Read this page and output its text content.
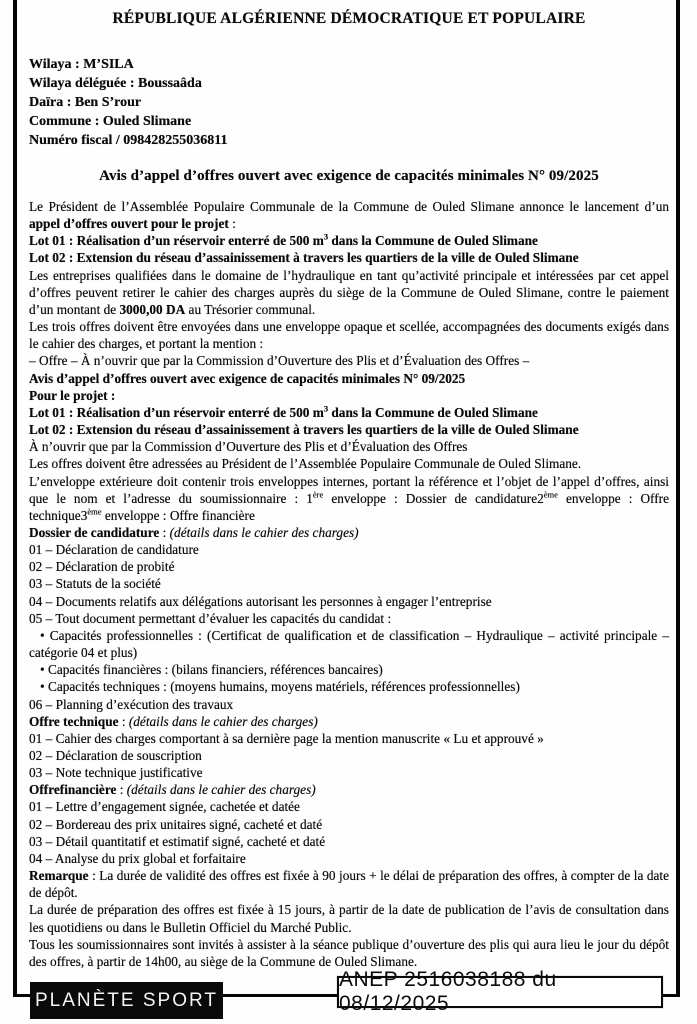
RÉPUBLIQUE ALGÉRIENNE DÉMOCRATIQUE ET POPULAIRE
Wilaya : M’SILA
Wilaya déléguée : Boussaâda
Daïra : Ben S’rour
Commune : Ouled Slimane
Numéro fiscal / 098428255036811
Avis d’appel d’offres ouvert avec exigence de capacités minimales N° 09/2025
Le Président de l’Assemblée Populaire Communale de la Commune de Ouled Slimane annonce le lancement d’un appel d’offres ouvert pour le projet :
Lot 01 : Réalisation d’un réservoir enterré de 500 $m^3$ dans la Commune de Ouled Slimane
Lot 02 : Extension du réseau d’assainissement à travers les quartiers de la ville de Ouled Slimane
Les entreprises qualifiées dans le domaine de l’hydraulique en tant qu’activité principale et intéressées par cet appel d’offres peuvent retirer le cahier des charges auprès du siège de la Commune de Ouled Slimane, contre le paiement d’un montant de 3000,00 DA au Trésorier communal.
Les trois offres doivent être envoyées dans une enveloppe opaque et scellée, accompagnées des documents exigés dans le cahier des charges, et portant la mention :
– Offre – À n’ouvrir que par la Commission d’Ouverture des Plis et d’Évaluation des Offres –
Avis d’appel d’offres ouvert avec exigence de capacités minimales N° 09/2025
Pour le projet :
Lot 01 : Réalisation d’un réservoir enterré de 500 $m^3$ dans la Commune de Ouled Slimane
Lot 02 : Extension du réseau d’assainissement à travers les quartiers de la ville de Ouled Slimane
À n’ouvrir que par la Commission d’Ouverture des Plis et d’Évaluation des Offres
Les offres doivent être adressées au Président de l’Assemblée Populaire Communale de Ouled Slimane.
L’enveloppe extérieure doit contenir trois enveloppes internes, portant la référence et l’objet de l’appel d’offres, ainsi que le nom et l’adresse du soumissionnaire : 1ère enveloppe : Dossier de candidature2ème enveloppe : Offre technique3ème enveloppe : Offre financière
Dossier de candidature : (détails dans le cahier des charges)
01 – Déclaration de candidature
02 – Déclaration de probité
03 – Statuts de la société
04 – Documents relatifs aux délégations autorisant les personnes à engager l’entreprise
05 – Tout document permettant d’évaluer les capacités du candidat :
• Capacités professionnelles : (Certificat de qualification et de classification – Hydraulique – activité principale – catégorie 04 et plus)
• Capacités financières : (bilans financiers, références bancaires)
• Capacités techniques : (moyens humains, moyens matériels, références professionnelles)
06 – Planning d’exécution des travaux
Offre technique : (détails dans le cahier des charges)
01 – Cahier des charges comportant à sa dernière page la mention manuscrite « Lu et approuvé »
02 – Déclaration de souscription
03 – Note technique justificative
Offrefinancière : (détails dans le cahier des charges)
01 – Lettre d’engagement signée, cachetée et datée
02 – Bordereau des prix unitaires signé, cacheté et daté
03 – Détail quantitatif et estimatif signé, cacheté et daté
04 – Analyse du prix global et forfaitaire
Remarque : La durée de validité des offres est fixée à 90 jours + le délai de préparation des offres, à compter de la date de dépôt.
La durée de préparation des offres est fixée à 15 jours, à partir de la date de publication de l’avis de consultation dans les quotidiens ou dans le Bulletin Officiel du Marché Public.
Tous les soumissionnaires sont invités à assister à la séance publique d’ouverture des plis qui aura lieu le jour du dépôt des offres, à partir de 14h00, au siège de la Commune de Ouled Slimane.
PLANÈTE SPORT
ANEP 2516038188 du 08/12/2025
